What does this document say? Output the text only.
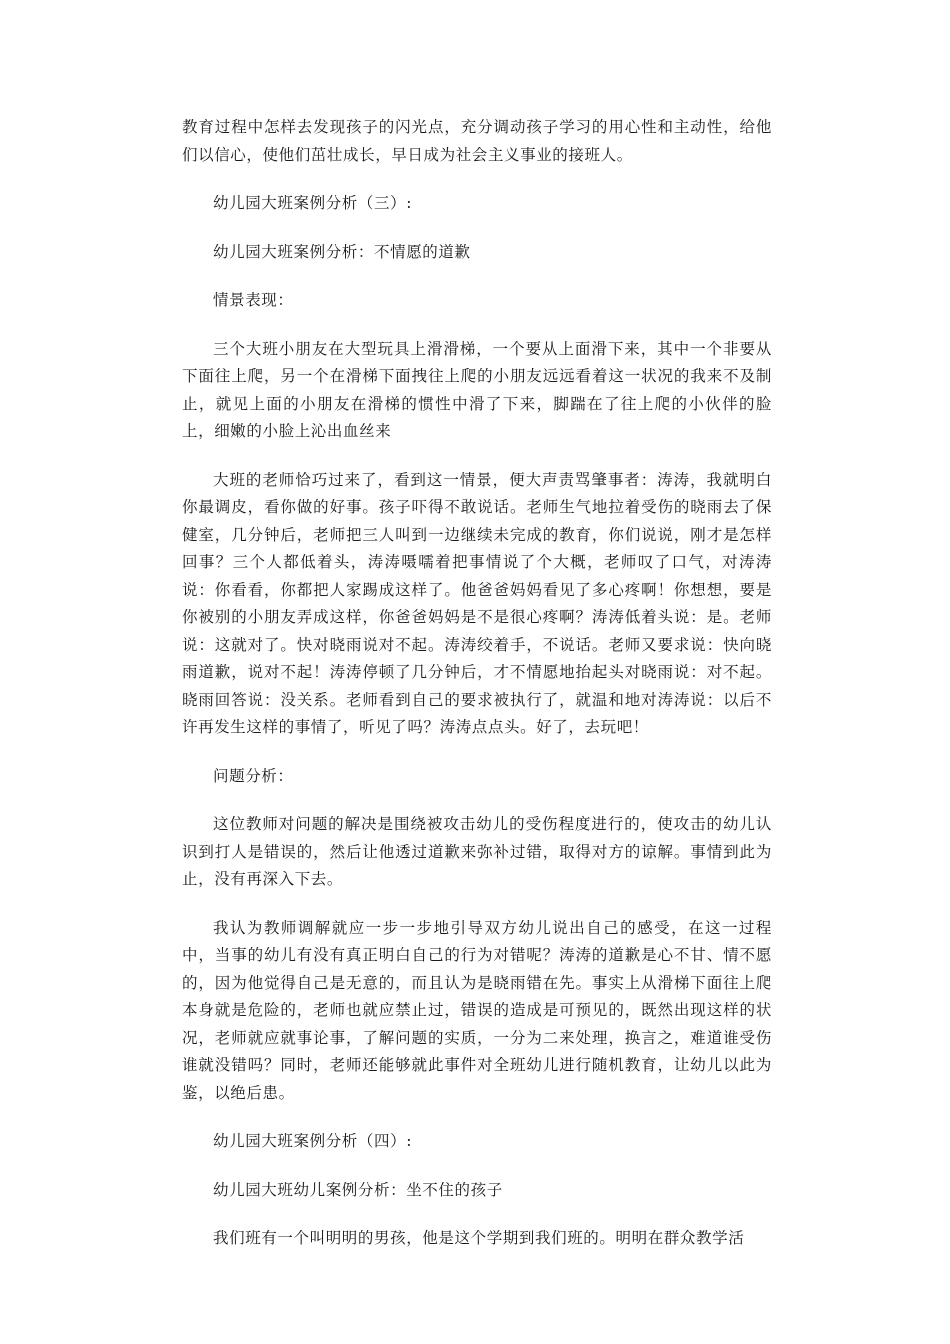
教育过程中怎样去发现孩子的闪光点，充分调动孩子学习的用心性和主动性，给他们以信心，使他们茁壮成长，早日成为社会主义事业的接班人。

幼儿园大班案例分析（三）:

幼儿园大班案例分析：不情愿的道歉

情景表现：

三个大班小朋友在大型玩具上滑滑梯，一个要从上面滑下来，其中一个非要从下面往上爬，另一个在滑梯下面拽往上爬的小朋友远远看着这一状况的我来不及制止，就见上面的小朋友在滑梯的惯性中滑了下来，脚踹在了往上爬的小伙伴的脸上，细嫩的小脸上沁出血丝来

大班的老师恰巧过来了，看到这一情景，便大声责骂肇事者：涛涛，我就明白你最调皮，看你做的好事。孩子吓得不敢说话。老师生气地拉着受伤的晓雨去了保健室，几分钟后，老师把三人叫到一边继续未完成的教育，你们说说，刚才是怎样回事？三个人都低着头，涛涛嗫嚅着把事情说了个大概，老师叹了口气，对涛涛说：你看看，你都把人家踢成这样了。他爸爸妈妈看见了多心疼啊！你想想，要是你被别的小朋友弄成这样，你爸爸妈妈是不是很心疼啊？涛涛低着头说：是。老师说：这就对了。快对晓雨说对不起。涛涛绞着手，不说话。老师又要求说：快向晓雨道歉，说对不起！涛涛停顿了几分钟后，才不情愿地抬起头对晓雨说：对不起。晓雨回答说：没关系。老师看到自己的要求被执行了，就温和地对涛涛说：以后不许再发生这样的事情了，听见了吗？涛涛点点头。好了，去玩吧！

问题分析：

这位教师对问题的解决是围绕被攻击幼儿的受伤程度进行的，使攻击的幼儿认识到打人是错误的，然后让他透过道歉来弥补过错，取得对方的谅解。事情到此为止，没有再深入下去。

我认为教师调解就应一步一步地引导双方幼儿说出自己的感受，在这一过程中，当事的幼儿有没有真正明白自己的行为对错呢？涛涛的道歉是心不甘、情不愿的，因为他觉得自己是无意的，而且认为是晓雨错在先。事实上从滑梯下面往上爬本身就是危险的，老师也就应禁止过，错误的造成是可预见的，既然出现这样的状况，老师就应就事论事，了解问题的实质，一分为二来处理，换言之，难道谁受伤谁就没错吗？同时，老师还能够就此事件对全班幼儿进行随机教育，让幼儿以此为鉴，以绝后患。

幼儿园大班案例分析（四）:

幼儿园大班幼儿案例分析：坐不住的孩子

我们班有一个叫明明的男孩，他是这个学期到我们班的。明明在群众教学活
